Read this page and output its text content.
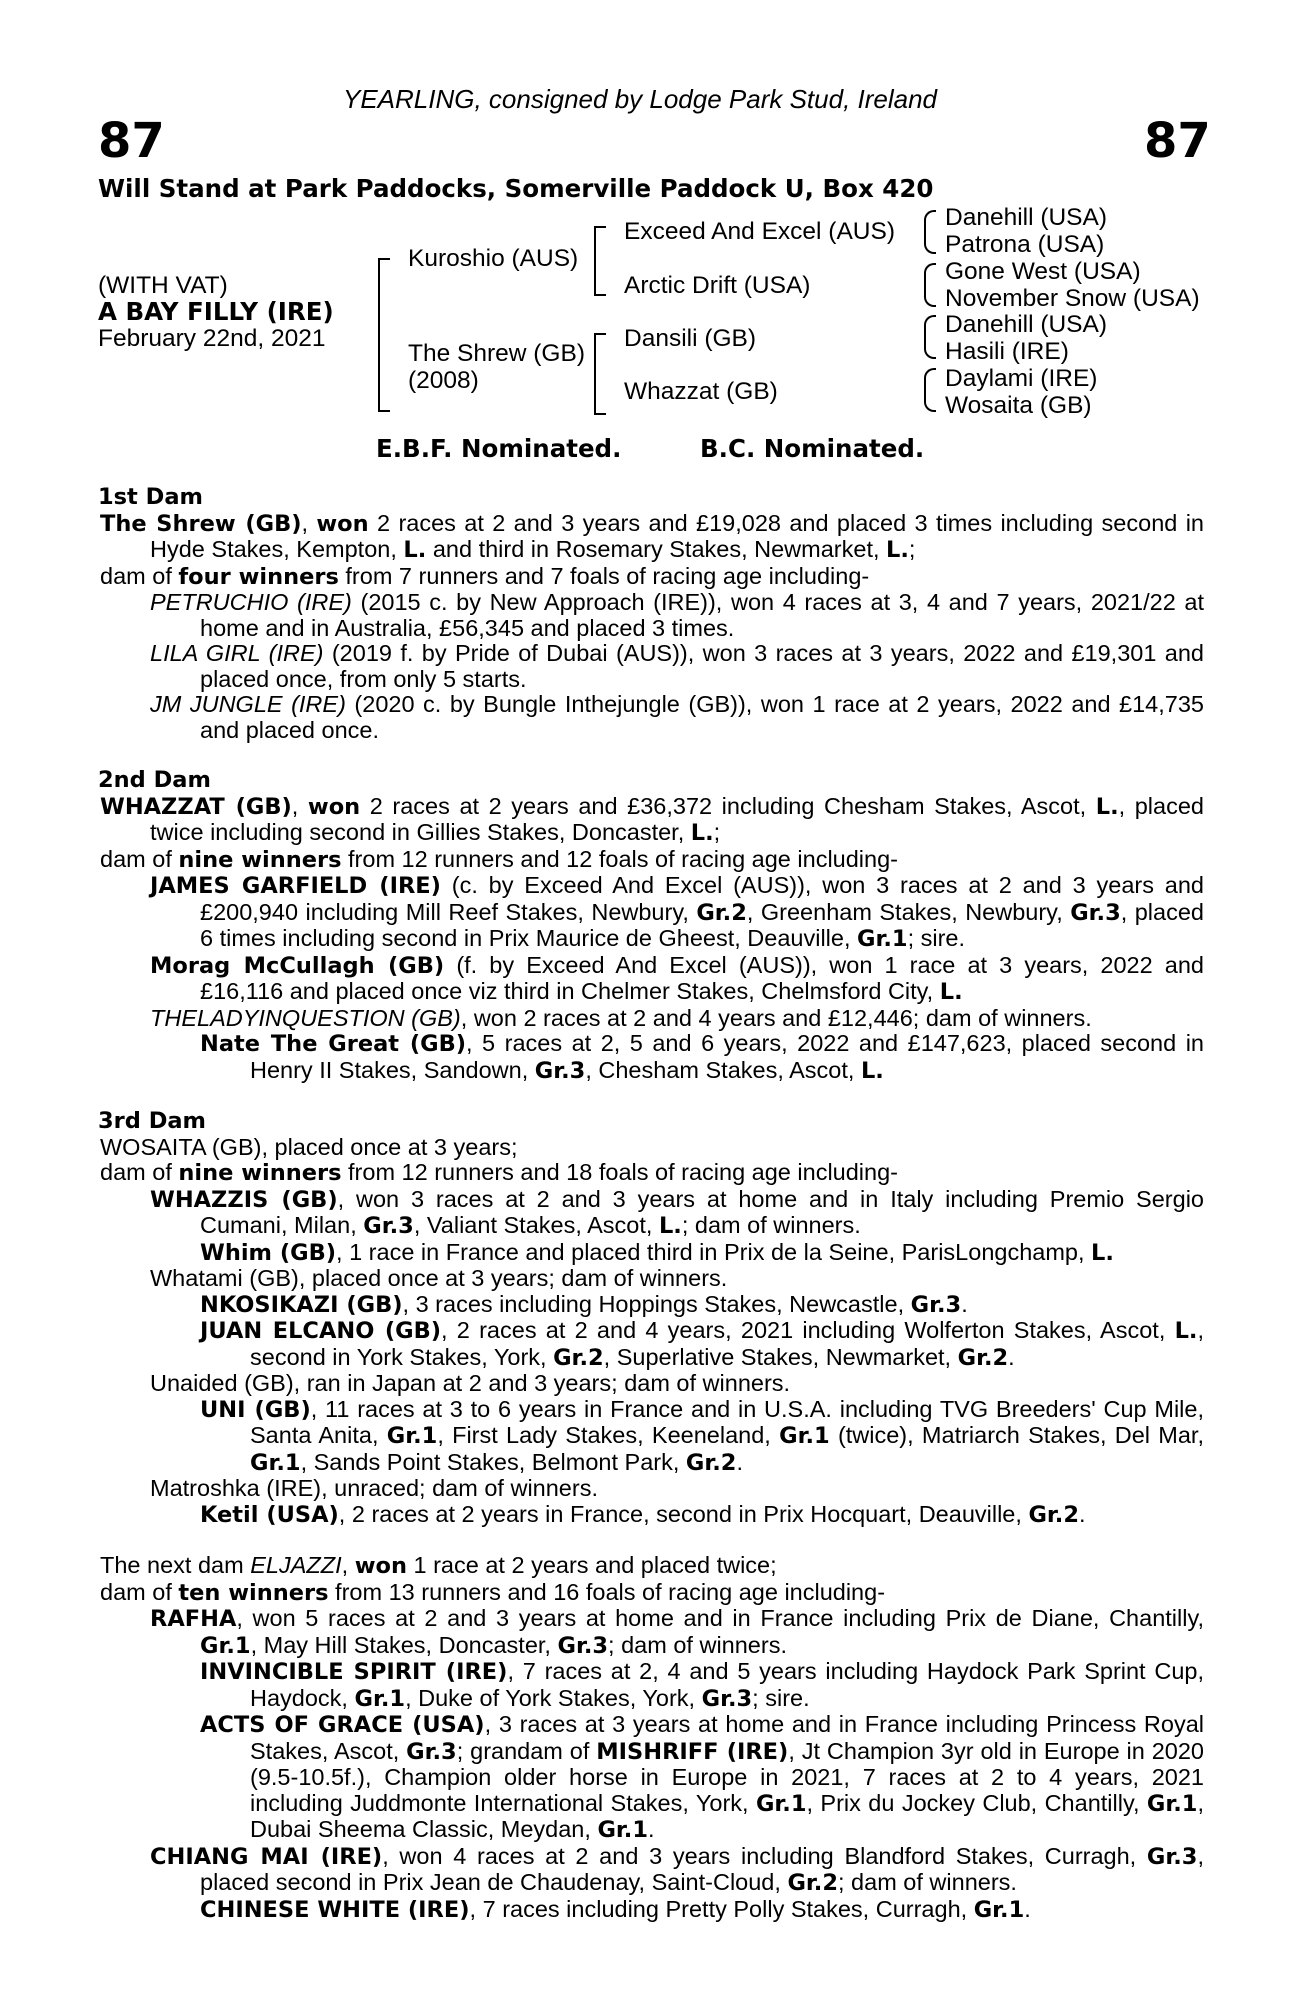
YEARLING, consigned by Lodge Park Stud, Ireland
87	87
Will Stand at Park Paddocks, Somerville Paddock U, Box 420
(WITH VAT)
A BAY FILLY (IRE)
February 22nd, 2021
Kuroshio (AUS)
The Shrew (GB)
(2008)
Exceed And Excel (AUS)
Arctic Drift (USA)
Dansili (GB)
Whazzat (GB)
Danehill (USA)
Patrona (USA)
Gone West (USA)
November Snow (USA)
Danehill (USA)
Hasili (IRE)
Daylami (IRE)
Wosaita (GB)
E.B.F. Nominated.	B.C. Nominated.
1st Dam
The Shrew (GB), won 2 races at 2 and 3 years and £19,028 and placed 3 times including second in Hyde Stakes, Kempton, L. and third in Rosemary Stakes, Newmarket, L.;
dam of four winners from 7 runners and 7 foals of racing age including-
PETRUCHIO (IRE) (2015 c. by New Approach (IRE)), won 4 races at 3, 4 and 7 years, 2021/22 at home and in Australia, £56,345 and placed 3 times.
LILA GIRL (IRE) (2019 f. by Pride of Dubai (AUS)), won 3 races at 3 years, 2022 and £19,301 and placed once, from only 5 starts.
JM JUNGLE (IRE) (2020 c. by Bungle Inthejungle (GB)), won 1 race at 2 years, 2022 and £14,735 and placed once.
2nd Dam
WHAZZAT (GB), won 2 races at 2 years and £36,372 including Chesham Stakes, Ascot, L., placed twice including second in Gillies Stakes, Doncaster, L.;
dam of nine winners from 12 runners and 12 foals of racing age including-
JAMES GARFIELD (IRE) (c. by Exceed And Excel (AUS)), won 3 races at 2 and 3 years and £200,940 including Mill Reef Stakes, Newbury, Gr.2, Greenham Stakes, Newbury, Gr.3, placed 6 times including second in Prix Maurice de Gheest, Deauville, Gr.1; sire.
Morag McCullagh (GB) (f. by Exceed And Excel (AUS)), won 1 race at 3 years, 2022 and £16,116 and placed once viz third in Chelmer Stakes, Chelmsford City, L.
THELADYINQUESTION (GB), won 2 races at 2 and 4 years and £12,446; dam of winners.
Nate The Great (GB), 5 races at 2, 5 and 6 years, 2022 and £147,623, placed second in Henry II Stakes, Sandown, Gr.3, Chesham Stakes, Ascot, L.
3rd Dam
WOSAITA (GB), placed once at 3 years;
dam of nine winners from 12 runners and 18 foals of racing age including-
WHAZZIS (GB), won 3 races at 2 and 3 years at home and in Italy including Premio Sergio Cumani, Milan, Gr.3, Valiant Stakes, Ascot, L.; dam of winners.
Whim (GB), 1 race in France and placed third in Prix de la Seine, ParisLongchamp, L.
Whatami (GB), placed once at 3 years; dam of winners.
NKOSIKAZI (GB), 3 races including Hoppings Stakes, Newcastle, Gr.3.
JUAN ELCANO (GB), 2 races at 2 and 4 years, 2021 including Wolferton Stakes, Ascot, L., second in York Stakes, York, Gr.2, Superlative Stakes, Newmarket, Gr.2.
Unaided (GB), ran in Japan at 2 and 3 years; dam of winners.
UNI (GB), 11 races at 3 to 6 years in France and in U.S.A. including TVG Breeders' Cup Mile, Santa Anita, Gr.1, First Lady Stakes, Keeneland, Gr.1 (twice), Matriarch Stakes, Del Mar, Gr.1, Sands Point Stakes, Belmont Park, Gr.2.
Matroshka (IRE), unraced; dam of winners.
Ketil (USA), 2 races at 2 years in France, second in Prix Hocquart, Deauville, Gr.2.
The next dam ELJAZZI, won 1 race at 2 years and placed twice;
dam of ten winners from 13 runners and 16 foals of racing age including-
RAFHA, won 5 races at 2 and 3 years at home and in France including Prix de Diane, Chantilly, Gr.1, May Hill Stakes, Doncaster, Gr.3; dam of winners.
INVINCIBLE SPIRIT (IRE), 7 races at 2, 4 and 5 years including Haydock Park Sprint Cup, Haydock, Gr.1, Duke of York Stakes, York, Gr.3; sire.
ACTS OF GRACE (USA), 3 races at 3 years at home and in France including Princess Royal Stakes, Ascot, Gr.3; grandam of MISHRIFF (IRE), Jt Champion 3yr old in Europe in 2020 (9.5-10.5f.), Champion older horse in Europe in 2021, 7 races at 2 to 4 years, 2021 including Juddmonte International Stakes, York, Gr.1, Prix du Jockey Club, Chantilly, Gr.1, Dubai Sheema Classic, Meydan, Gr.1.
CHIANG MAI (IRE), won 4 races at 2 and 3 years including Blandford Stakes, Curragh, Gr.3, placed second in Prix Jean de Chaudenay, Saint-Cloud, Gr.2; dam of winners.
CHINESE WHITE (IRE), 7 races including Pretty Polly Stakes, Curragh, Gr.1.
